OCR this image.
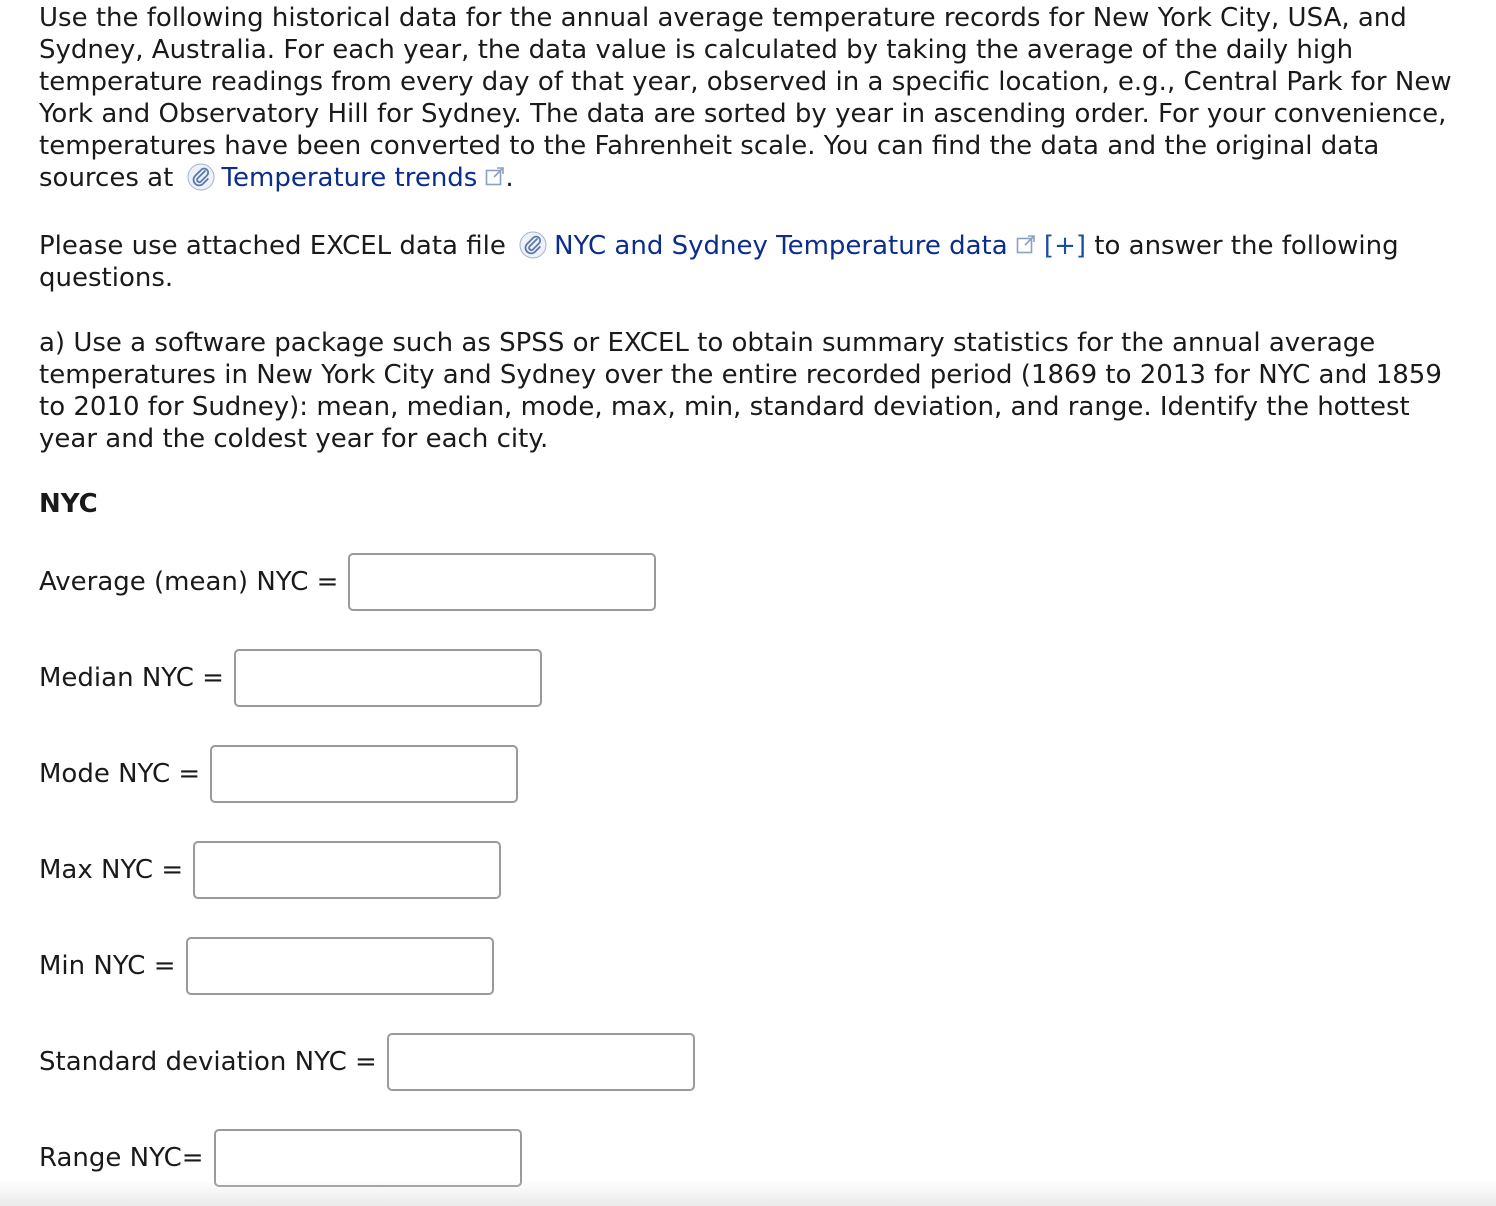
Use the following historical data for the annual average temperature records for New York City, USA, and Sydney, Australia. For each year, the data value is calculated by taking the average of the daily high temperature readings from every day of that year, observed in a specific location, e.g., Central Park for New York and Observatory Hill for Sydney. The data are sorted by year in ascending order. For your convenience, temperatures have been converted to the Fahrenheit scale. You can find the data and the original data sources at Temperature trends .

Please use attached EXCEL data file NYC and Sydney Temperature data [+] to answer the following questions.

a) Use a software package such as SPSS or EXCEL to obtain summary statistics for the annual average temperatures in New York City and Sydney over the entire recorded period (1869 to 2013 for NYC and 1859 to 2010 for Sudney): mean, median, mode, max, min, standard deviation, and range. Identify the hottest year and the coldest year for each city.

NYC

Average (mean) NYC =
Median NYC =
Mode NYC =
Max NYC =
Min NYC =
Standard deviation NYC =
Range NYC=
